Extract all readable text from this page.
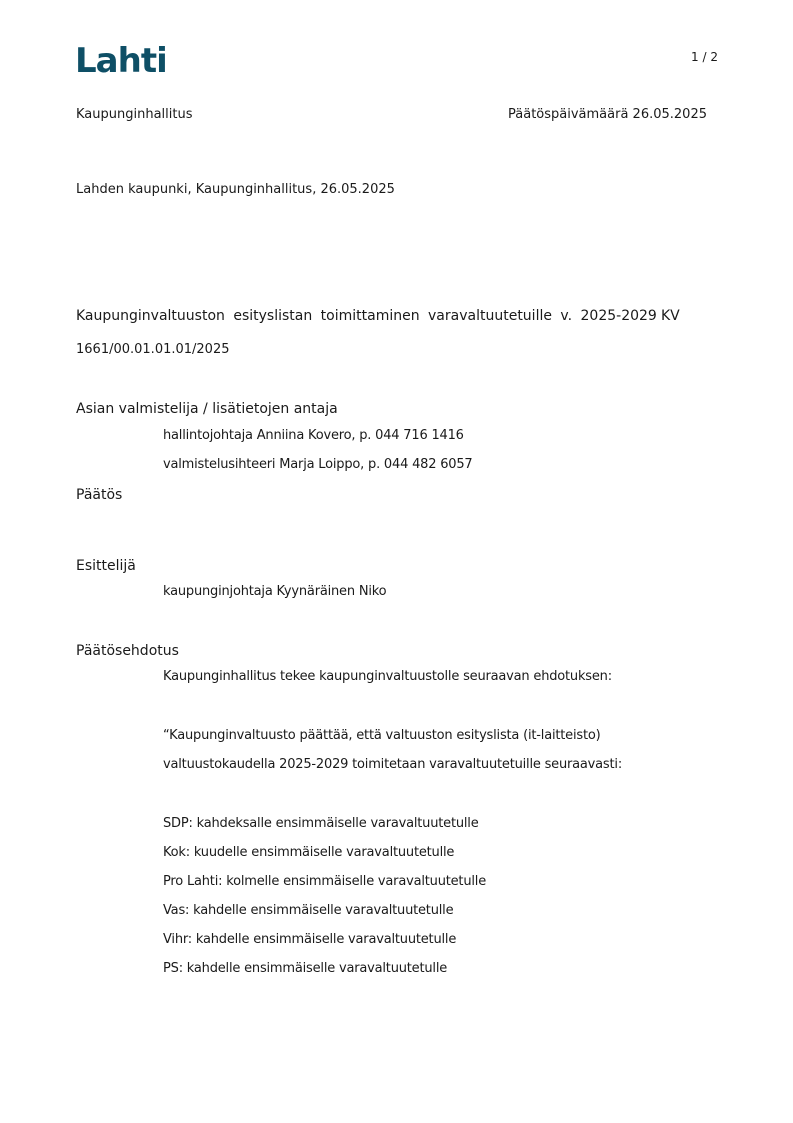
Lahti	1 / 2
Kaupunginhallitus	Päätöspäivämäärä 26.05.2025
Lahden kaupunki, Kaupunginhallitus, 26.05.2025
Kaupunginvaltuuston esityslistan toimittaminen varavaltuutetuille v. 2025-2029 KV
1661/00.01.01.01/2025
Asian valmistelija / lisätietojen antaja
hallintojohtaja Anniina Kovero, p. 044 716 1416
valmistelusihteeri Marja Loippo, p. 044 482 6057
Päätös
Esittelijä
kaupunginjohtaja Kyynäräinen Niko
Päätösehdotus
Kaupunginhallitus tekee kaupunginvaltuustolle seuraavan ehdotuksen:
“Kaupunginvaltuusto päättää, että valtuuston esityslista (it-laitteisto)
valtuustokaudella 2025-2029 toimitetaan varavaltuutetuille seuraavasti:
SDP: kahdeksalle ensimmäiselle varavaltuutetulle
Kok: kuudelle ensimmäiselle varavaltuutetulle
Pro Lahti: kolmelle ensimmäiselle varavaltuutetulle
Vas: kahdelle ensimmäiselle varavaltuutetulle
Vihr: kahdelle ensimmäiselle varavaltuutetulle
PS: kahdelle ensimmäiselle varavaltuutetulle
